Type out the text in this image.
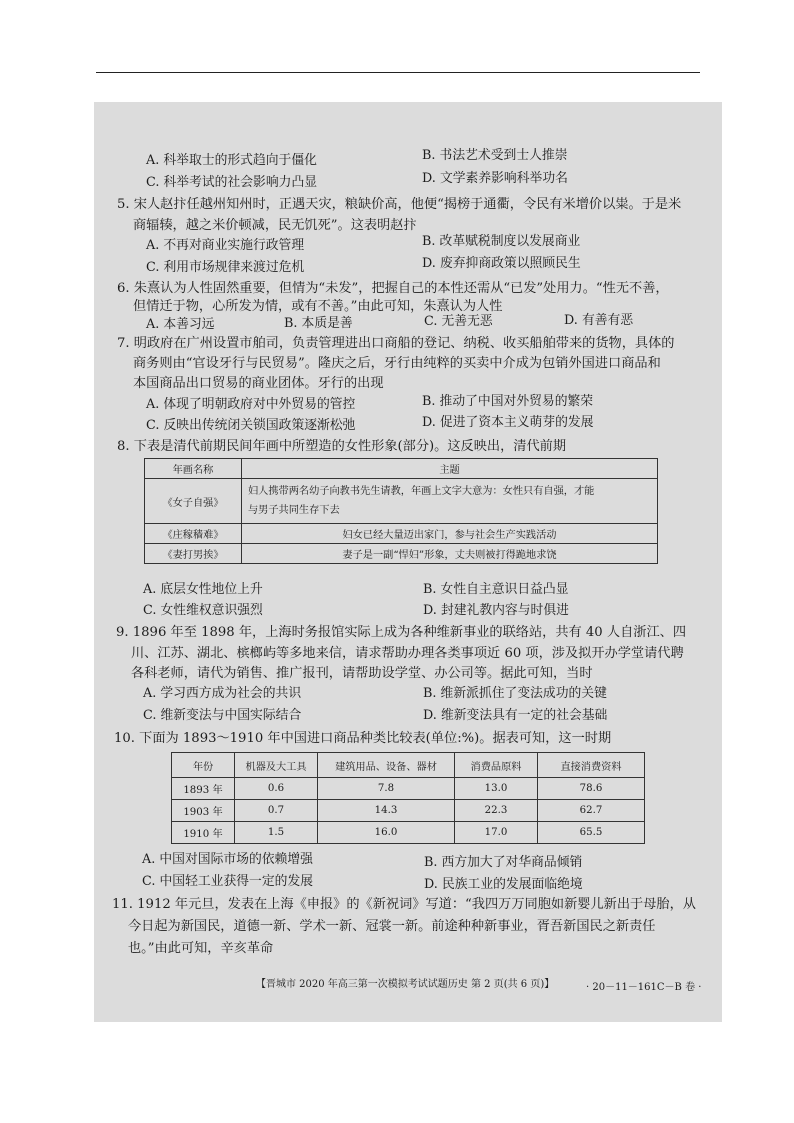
A. 科举取士的形式趋向于僵化	B. 书法艺术受到士人推崇
C. 科举考试的社会影响力凸显	D. 文学素养影响科举功名
5. 宋人赵抃任越州知州时，正遇天灾，粮缺价高，他便“揭榜于通衢，令民有米增价以粜。于是米
商辐辏，越之米价顿减，民无饥死”。这表明赵抃
A. 不再对商业实施行政管理	B. 改革赋税制度以发展商业
C. 利用市场规律来渡过危机	D. 废弃抑商政策以照顾民生
6. 朱熹认为人性固然重要，但情为“未发”，把握自己的本性还需从“已发”处用力。“性无不善，
但情迁于物，心所发为情，或有不善。”由此可知，朱熹认为人性
A. 本善习远	B. 本质是善	C. 无善无恶	D. 有善有恶
7. 明政府在广州设置市舶司，负责管理进出口商船的登记、纳税、收买船舶带来的货物，具体的
商务则由“官设牙行与民贸易”。隆庆之后，牙行由纯粹的买卖中介成为包销外国进口商品和
本国商品出口贸易的商业团体。牙行的出现
A. 体现了明朝政府对中外贸易的管控	B. 推动了中国对外贸易的繁荣
C. 反映出传统闭关锁国政策逐渐松弛	D. 促进了资本主义萌芽的发展
8. 下表是清代前期民间年画中所塑造的女性形象(部分)。这反映出，清代前期
年画名称	主题
《女子自强》	妇人携带两名幼子向教书先生请教，年画上文字大意为：女性只有自强，才能
与男子共同生存下去

《庄稼穑难》	妇女已经大量迈出家门，参与社会生产实践活动
《妻打男挨》	妻子是一副“悍妇”形象，丈夫则被打得跪地求饶
A. 底层女性地位上升	B. 女性自主意识日益凸显
C. 女性维权意识强烈	D. 封建礼教内容与时俱进
9. 1896 年至 1898 年，上海时务报馆实际上成为各种维新事业的联络站，共有 40 人自浙江、四
川、江苏、湖北、槟榔屿等多地来信，请求帮助办理各类事项近 60 项，涉及拟开办学堂请代聘
各科老师，请代为销售、推广报刊，请帮助设学堂、办公司等。据此可知，当时
A. 学习西方成为社会的共识	B. 维新派抓住了变法成功的关键
C. 维新变法与中国实际结合	D. 维新变法具有一定的社会基础
10. 下面为 1893～1910 年中国进口商品种类比较表(单位:%)。据表可知，这一时期
年份	机器及大工具	建筑用品、设备、器材	消费品原料	直接消费资料
1893 年	0.6	7.8	13.0	78.6
1903 年	0.7	14.3	22.3	62.7
1910 年	1.5	16.0	17.0	65.5
A. 中国对国际市场的依赖增强	B. 西方加大了对华商品倾销
C. 中国轻工业获得一定的发展	D. 民族工业的发展面临绝境
11. 1912 年元旦，发表在上海《申报》的《新祝词》写道：“我四万万同胞如新婴儿新出于母胎，从
今日起为新国民，道德一新、学术一新、冠裳一新。前途种种新事业，胥吾新国民之新责任
也。”由此可知，辛亥革命
【晋城市 2020 年高三第一次模拟考试试题历史 第 2 页(共 6 页)】	· 20－11－161C－B 卷 ·
